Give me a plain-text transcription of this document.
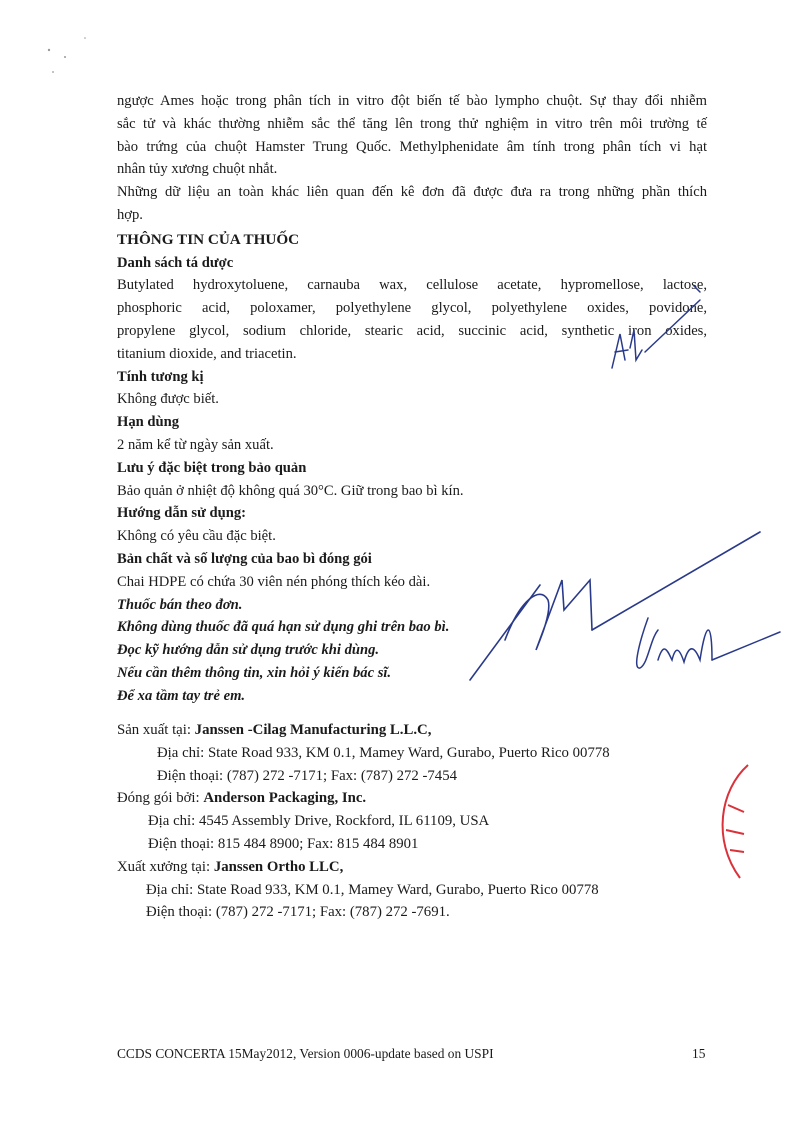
ngược Ames hoặc trong phân tích in vitro đột biến tế bào lympho chuột. Sự thay đổi nhiễm

sắc tử và khác thường nhiễm sắc thể tăng lên trong thử nghiệm in vitro trên môi trường tế

bào trứng của chuột Hamster Trung Quốc. Methylphenidate âm tính trong phân tích vi hạt

nhân tủy xương chuột nhắt.

Những dữ liệu an toàn khác liên quan đến kê đơn đã được đưa ra trong những phần thích

hợp.

THÔNG TIN CỦA THUỐC

Danh sách tá dược

Butylated hydroxytoluene, carnauba wax, cellulose acetate, hypromellose, lactose,

phosphoric acid, poloxamer, polyethylene glycol, polyethylene oxides, povidone,

propylene glycol, sodium chloride, stearic acid, succinic acid, synthetic iron oxides,

titanium dioxide, and triacetin.

Tính tương kị

Không được biết.

Hạn dùng

2 năm kể từ ngày sản xuất.

Lưu ý đặc biệt trong bảo quản

Bảo quản ở nhiệt độ không quá 30°C. Giữ trong bao bì kín.

Hướng dẫn sử dụng:

Không có yêu cầu đặc biệt.

Bản chất và số lượng của bao bì đóng gói

Chai HDPE có chứa 30 viên nén phóng thích kéo dài.

Thuốc bán theo đơn.

Không dùng thuốc đã quá hạn sử dụng ghi trên bao bì.

Đọc kỹ hướng dẫn sử dụng trước khi dùng.

Nếu cần thêm thông tin, xin hỏi ý kiến bác sĩ.

Để xa tầm tay trẻ em.

Sản xuất tại: Janssen -Cilag Manufacturing L.L.C,

Địa chỉ: State Road 933, KM 0.1, Mamey Ward, Gurabo, Puerto Rico 00778

Điện thoại: (787) 272 -7171; Fax: (787) 272 -7454

Đóng gói bởi: Anderson Packaging, Inc.

Địa chỉ: 4545 Assembly Drive, Rockford, IL 61109, USA

Điện thoại: 815 484 8900; Fax: 815 484 8901

Xuất xưởng tại: Janssen Ortho LLC,

Địa chỉ: State Road 933, KM 0.1, Mamey Ward, Gurabo, Puerto Rico 00778

Điện thoại: (787) 272 -7171; Fax: (787) 272 -7691.

CCDS CONCERTA 15May2012, Version 0006-update based on USPI	15
